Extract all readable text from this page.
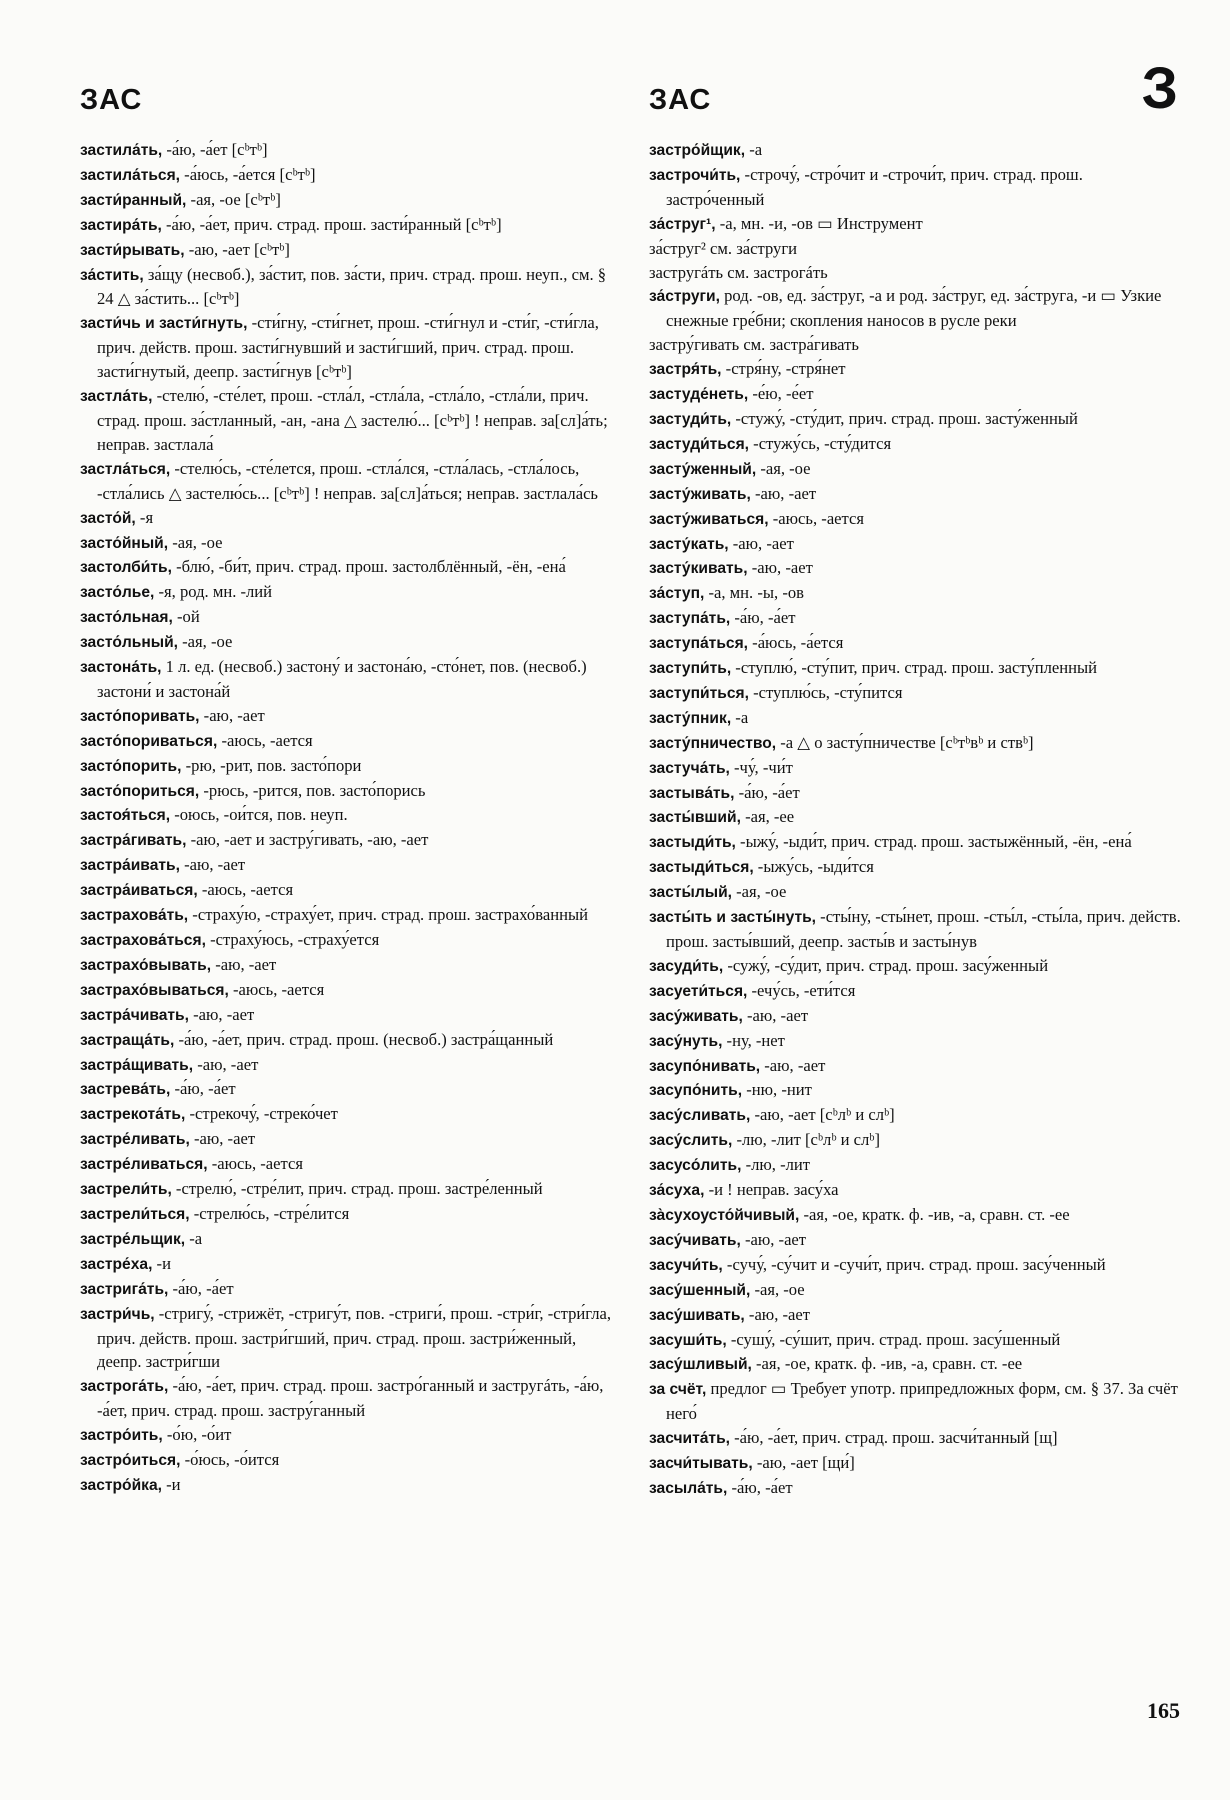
ЗАС	ЗАС	З

застила́ть, -а́ю, -а́ет [сᵇтᵇ]

застила́ться, -а́юсь, -а́ется [сᵇтᵇ]

засти́ранный, -ая, -ое [сᵇтᵇ]

застира́ть, -а́ю, -а́ет, прич. страд. прош. засти́ранный [сᵇтᵇ]

засти́рывать, -аю, -ает [сᵇтᵇ]

за́стить, за́щу (несвоб.), за́стит, пов. за́сти, прич. страд. прош. неуп., см. § 24 △ за́стить... [сᵇтᵇ]

засти́чь и засти́гнуть, -сти́гну, -сти́гнет, прош. -сти́гнул и -сти́г, -сти́гла, прич. действ. прош. засти́гнувший и засти́гший, прич. страд. прош. засти́гнутый, деепр. засти́гнув [сᵇтᵇ]

застла́ть, -стелю́, -сте́лет, прош. -стла́л, -стла́ла, -стла́ло, -стла́ли, прич. страд. прош. за́стланный, -ан, -ана △ застелю́... [сᵇтᵇ] ! неправ. за[сл]а́ть; неправ. застлала́

застла́ться, -стелю́сь, -сте́лется, прош. -стла́лся, -стла́лась, -стла́лось, -стла́лись △ застелю́сь... [сᵇтᵇ] ! неправ. за[сл]а́ться; неправ. застлала́сь

засто́й, -я

засто́йный, -ая, -ое

застолби́ть, -блю́, -би́т, прич. страд. прош. застолблённый, -ён, -ена́

засто́лье, -я, род. мн. -лий

засто́льная, -ой

засто́льный, -ая, -ое

застона́ть, 1 л. ед. (несвоб.) застону́ и застона́ю, -сто́нет, пов. (несвоб.) застони́ и застона́й

засто́поривать, -аю, -ает

засто́пориваться, -аюсь, -ается

засто́порить, -рю, -рит, пов. засто́пори

засто́пориться, -рюсь, -рится, пов. засто́порись

застоя́ться, -оюсь, -ои́тся, пов. неуп.

застра́гивать, -аю, -ает и застру́гивать, -аю, -ает

застра́ивать, -аю, -ает

застра́иваться, -аюсь, -ается

застрахова́ть, -страху́ю, -страху́ет, прич. страд. прош. застрахо́ванный

застрахова́ться, -страху́юсь, -страху́ется

застрахо́вывать, -аю, -ает

застрахо́вываться, -аюсь, -ается

застра́чивать, -аю, -ает

застраща́ть, -а́ю, -а́ет, прич. страд. прош. (несвоб.) застра́щанный

застра́щивать, -аю, -ает

застрева́ть, -а́ю, -а́ет

застрекота́ть, -стрекочу́, -стреко́чет

застре́ливать, -аю, -ает

застре́ливаться, -аюсь, -ается

застрели́ть, -стрелю́, -стре́лит, прич. страд. прош. застре́ленный

застрели́ться, -стрелю́сь, -стре́лится

застре́льщик, -а

застре́ха, -и

застрига́ть, -а́ю, -а́ет

застри́чь, -стригу́, -стрижёт, -стригу́т, пов. -стриги́, прош. -стри́г, -стри́гла, прич. действ. прош. застри́гший, прич. страд. прош. застри́женный, деепр. застри́гши

застрога́ть, -а́ю, -а́ет, прич. страд. прош. застро́ганный и застругáть, -а́ю, -а́ет, прич. страд. прош. застру́ганный

застро́ить, -о́ю, -о́ит

застро́иться, -о́юсь, -о́ится

застро́йка, -и

застро́йщик, -а

застрочи́ть, -строчу́, -стро́чит и -строчи́т, прич. страд. прош. застро́ченный

за́струг¹, -а, мн. -и, -ов ▭ Инструмент

за́струг² см. за́струги

застругáть см. застрогáть

за́струги, род. -ов, ед. за́струг, -а и род. за́струг, ед. за́струга, -и ▭ Узкие снежные гре́бни; скопления наносов в русле реки

застру́гивать см. застра́гивать

застря́ть, -стря́ну, -стря́нет

застуде́неть, -е́ю, -е́ет

застуди́ть, -стужу́, -сту́дит, прич. страд. прош. засту́женный

застуди́ться, -стужу́сь, -сту́дится

засту́женный, -ая, -ое

засту́живать, -аю, -ает

засту́живаться, -аюсь, -ается

засту́кать, -аю, -ает

засту́кивать, -аю, -ает

за́ступ, -а, мн. -ы, -ов

заступа́ть, -а́ю, -а́ет

заступа́ться, -а́юсь, -а́ется

заступи́ть, -ступлю́, -сту́пит, прич. страд. прош. засту́пленный

заступи́ться, -ступлю́сь, -сту́пится

засту́пник, -а

засту́пничество, -а △ о засту́пничестве [сᵇтᵇвᵇ и ствᵇ]

застуча́ть, -чу́, -чи́т

застыва́ть, -а́ю, -а́ет

засты́вший, -ая, -ее

застыди́ть, -ыжу́, -ыди́т, прич. страд. прош. застыжённый, -ён, -ена́

застыди́ться, -ыжу́сь, -ыди́тся

засты́лый, -ая, -ое

засты́ть и засты́нуть, -сты́ну, -сты́нет, прош. -сты́л, -сты́ла, прич. действ. прош. засты́вший, деепр. засты́в и засты́нув

засуди́ть, -сужу́, -су́дит, прич. страд. прош. засу́женный

засуети́ться, -ечу́сь, -ети́тся

засу́живать, -аю, -ает

засу́нуть, -ну, -нет

засупо́нивать, -аю, -ает

засупо́нить, -ню, -нит

засу́сливать, -аю, -ает [сᵇлᵇ и слᵇ]

засу́слить, -лю, -лит [сᵇлᵇ и слᵇ]

засусо́лить, -лю, -лит

за́суха, -и ! неправ. засу́ха

за̀сухоусто́йчивый, -ая, -ое, кратк. ф. -ив, -а, сравн. ст. -ее

засу́чивать, -аю, -ает

засучи́ть, -сучу́, -су́чит и -сучи́т, прич. страд. прош. засу́ченный

засу́шенный, -ая, -ое

засу́шивать, -аю, -ает

засуши́ть, -сушу́, -су́шит, прич. страд. прош. засу́шенный

засу́шливый, -ая, -ое, кратк. ф. -ив, -а, сравн. ст. -ее

за счёт, предлог ▭ Требует употр. припредложных форм, см. § 37. За счёт него́

засчита́ть, -а́ю, -а́ет, прич. страд. прош. засчи́танный [щ]

засчи́тывать, -аю, -ает [щи́]

засыла́ть, -а́ю, -а́ет

165
